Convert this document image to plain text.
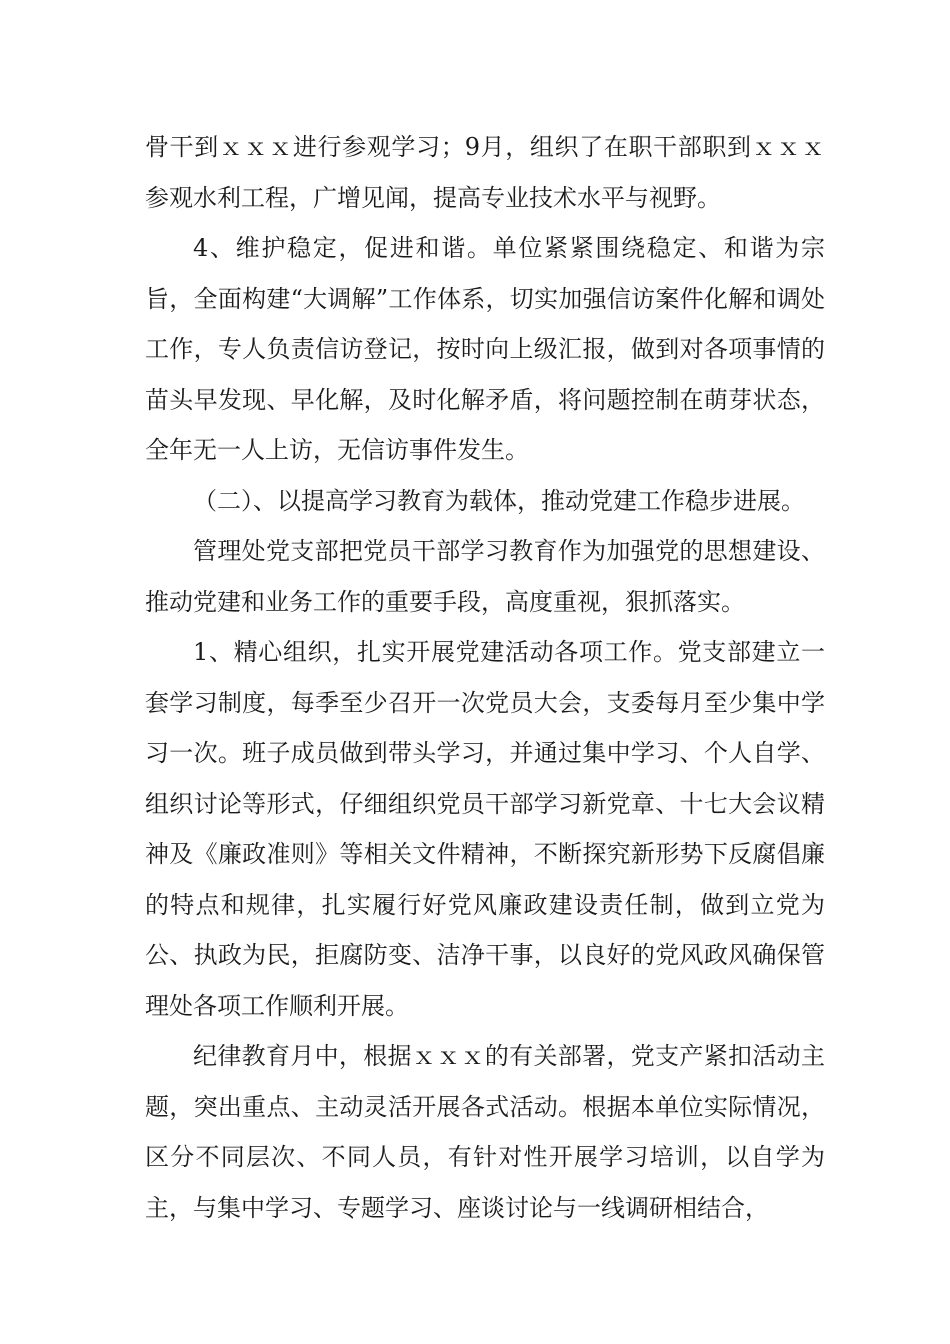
骨干到ｘｘｘ进行参观学习；9月，组织了在职干部职到ｘｘｘ参观水利工程，广增见闻，提高专业技术水平与视野。

4、维护稳定，促进和谐。单位紧紧围绕稳定、和谐为宗旨，全面构建“大调解”工作体系，切实加强信访案件化解和调处工作，专人负责信访登记，按时向上级汇报，做到对各项事情的苗头早发现、早化解，及时化解矛盾，将问题控制在萌芽状态，全年无一人上访，无信访事件发生。

（二）、以提高学习教育为载体，推动党建工作稳步进展。

管理处党支部把党员干部学习教育作为加强党的思想建设、推动党建和业务工作的重要手段，高度重视，狠抓落实。

1、精心组织，扎实开展党建活动各项工作。党支部建立一套学习制度，每季至少召开一次党员大会，支委每月至少集中学习一次。班子成员做到带头学习，并通过集中学习、个人自学、组织讨论等形式，仔细组织党员干部学习新党章、十七大会议精神及《廉政准则》等相关文件精神，不断探究新形势下反腐倡廉的特点和规律，扎实履行好党风廉政建设责任制，做到立党为公、执政为民，拒腐防变、洁净干事，以良好的党风政风确保管理处各项工作顺利开展。

纪律教育月中，根据ｘｘｘ的有关部署，党支产紧扣活动主题，突出重点、主动灵活开展各式活动。根据本单位实际情况，区分不同层次、不同人员，有针对性开展学习培训，以自学为主，与集中学习、专题学习、座谈讨论与一线调研相结合，
